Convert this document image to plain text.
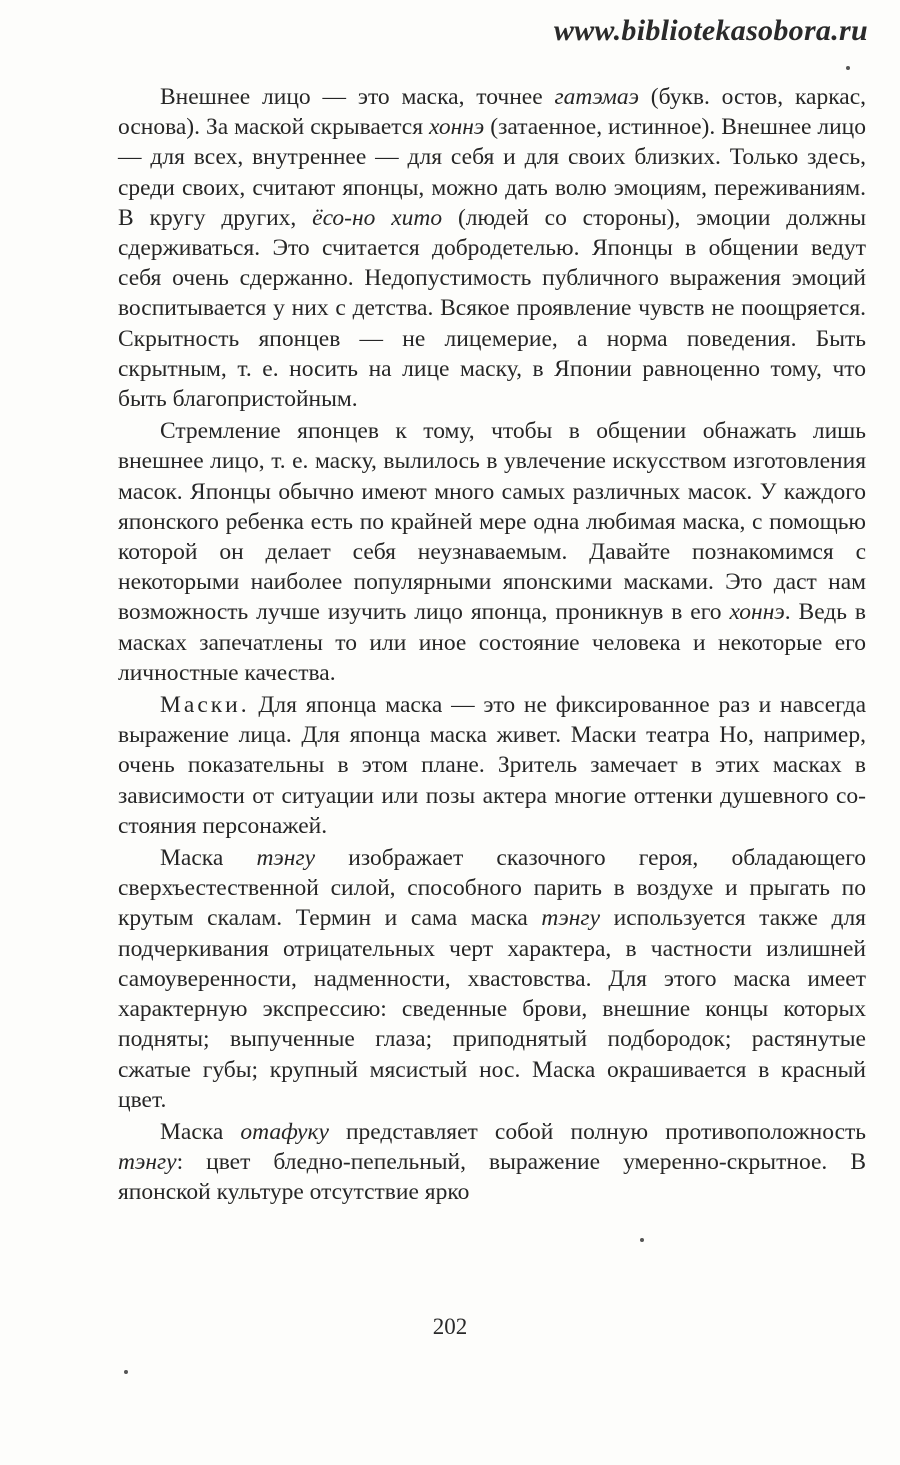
www.bibliotekasobora.ru

Внешнее лицо — это маска, точнее гатэмаэ (букв. остов, каркас, основа). За маской скрывается хоннэ (затаенное, истинное). Внешнее лицо — для всех, внутреннее — для себя и для своих близких. Только здесь, среди своих, считают японцы, можно дать волю эмоциям, переживаниям. В кругу других, ёсо-но хито (людей со стороны), эмоции должны сдерживаться. Это считается добродетелью. Японцы в общении ведут себя очень сдержанно. Недопустимость публичного выражения эмоций воспитывается у них с детства. Всякое проявление чувств не поощряется. Скрытность японцев — не лицемерие, а норма поведения. Быть скрытным, т. е. носить на лице маску, в Японии равноценно тому, что быть благопристойным.

Стремление японцев к тому, чтобы в общении обнажать лишь внешнее лицо, т. е. маску, вылилось в увлечение искусством изготовления масок. Японцы обычно имеют много самых различных масок. У каждого японского ребенка есть по крайней мере одна любимая маска, с помощью которой он делает себя неузнаваемым. Давайте познакомимся с некоторыми наиболее популярными японскими масками. Это даст нам возможность лучше изучить лицо японца, проникнув в его хоннэ. Ведь в масках запечатлены то или иное состояние человека и некоторые его личностные качества.

Маски. Для японца маска — это не фиксированное раз и навсегда выражение лица. Для японца маска живет. Маски театра Но, например, очень показательны в этом плане. Зритель замечает в этих масках в зависимости от ситуации или позы актера многие оттенки душевного состояния персонажей.

Маска тэнгу изображает сказочного героя, обладающего сверхъестественной силой, способного парить в воздухе и прыгать по крутым скалам. Термин и сама маска тэнгу используется также для подчеркивания отрицательных черт характера, в частности излишней самоуверенности, надменности, хвастовства. Для этого маска имеет характерную экспрессию: сведенные брови, внешние концы которых подняты; выпученные глаза; приподнятый подбородок; растянутые сжатые губы; крупный мясистый нос. Маска окрашивается в красный цвет.

Маска отафуку представляет собой полную противоположность тэнгу: цвет бледно-пепельный, выражение умеренно-скрытное. В японской культуре отсутствие ярко

202
